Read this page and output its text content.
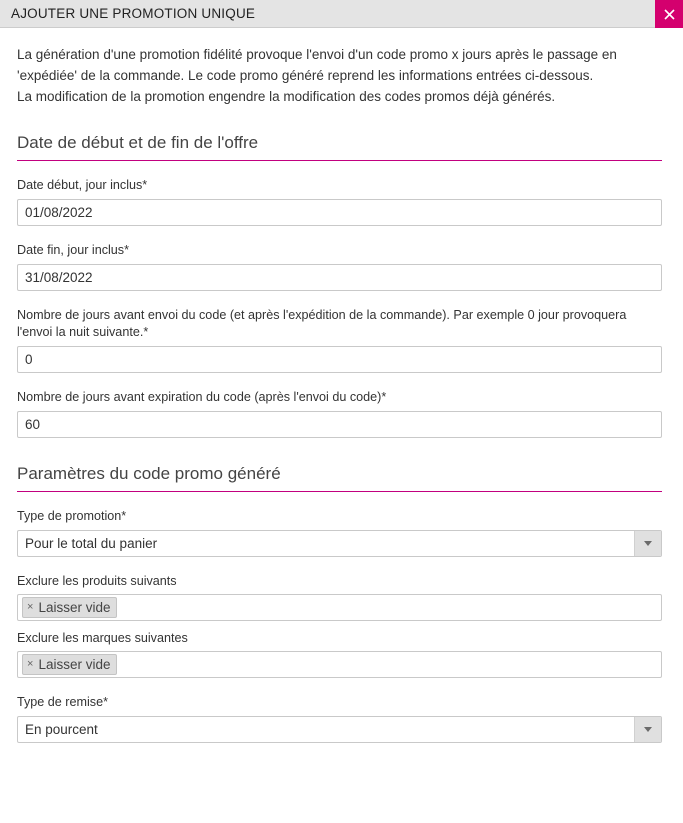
AJOUTER UNE PROMOTION UNIQUE

La génération d'une promotion fidélité provoque l'envoi d'un code promo x jours après le passage en 'expédiée' de la commande. Le code promo généré reprend les informations entrées ci-dessous.

La modification de la promotion engendre la modification des codes promos déjà générés.

Date de début et de fin de l'offre
Date début, jour inclus*
01/08/2022
Date fin, jour inclus*
31/08/2022
Nombre de jours avant envoi du code (et après l'expédition de la commande). Par exemple 0 jour provoquera l'envoi la nuit suivante.*
0
Nombre de jours avant expiration du code (après l'envoi du code)*
60
Paramètres du code promo généré
Type de promotion*
Pour le total du panier
Exclure les produits suivants
× Laisser vide
Exclure les marques suivantes
× Laisser vide
Type de remise*
En pourcent
